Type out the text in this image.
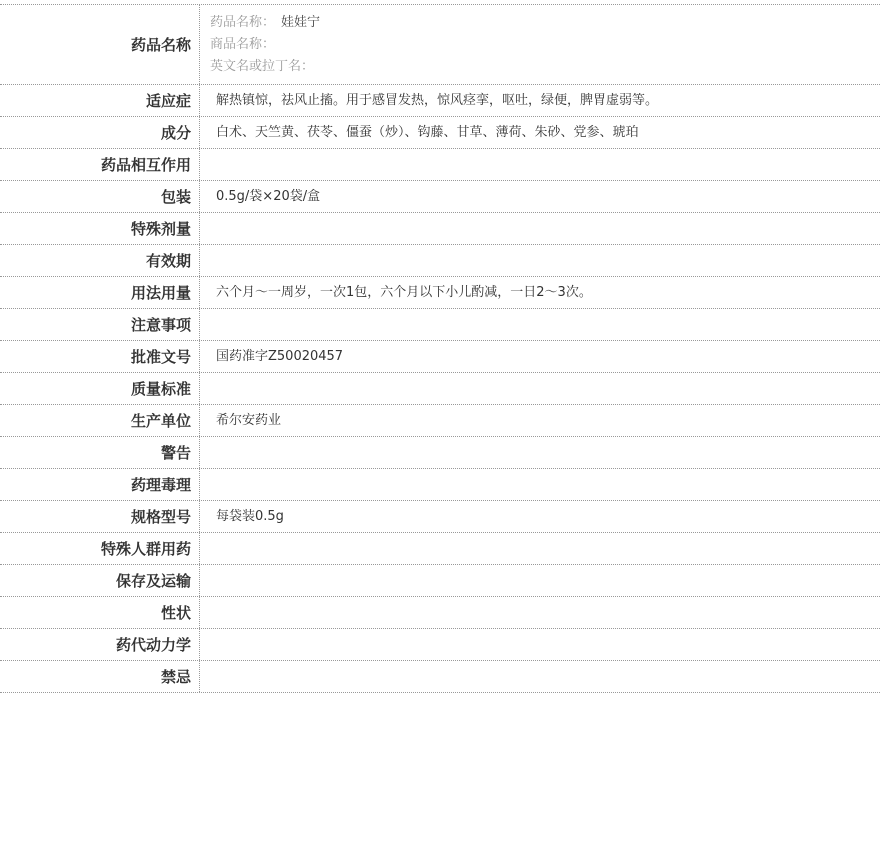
药品名称
药品名称： 娃娃宁
商品名称：
英文名或拉丁名：
适应症	解热镇惊，祛风止搐。用于感冒发热，惊风痉挛，呕吐，绿便，脾胃虚弱等。
成分	白术、天竺黄、茯苓、僵蚕（炒）、钩藤、甘草、薄荷、朱砂、党参、琥珀
药品相互作用
包装	0.5g/袋×20袋/盒
特殊剂量
有效期
用法用量	六个月～一周岁，一次1包，六个月以下小儿酌减，一日2～3次。
注意事项
批准文号	国药准字Z50020457
质量标准
生产单位	希尔安药业
警告
药理毒理
规格型号	每袋装0.5g
特殊人群用药
保存及运输
性状
药代动力学
禁忌
